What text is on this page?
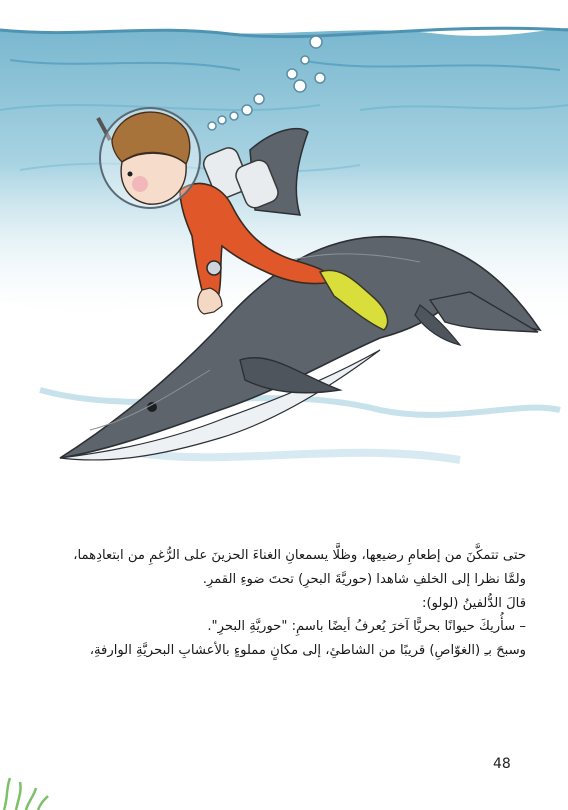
حتى تتمكَّنَ من إطعامِ رضيعِها، وظلَّا يسمعانِ الغناءَ الحزينَ على الرُّغمِ من ابتعادِهما،

ولمَّا نظرا إلى الخلفِ شاهدا (حوريَّةَ البحرِ) تحتَ ضوءِ القمرِ.

قالَ الدُّلفينُ (لولو):

– سأُريكَ حيوانًا بحريًّا آخرَ يُعرفُ أيضًا باسمِ: "حوريَّةِ البحرِ".

وسبحَ بـِ (الغوّاصِ) قريبًا من الشاطئِ، إلى مكانٍ مملوءٍ بالأعشابِ البحريَّةِ الوارفةِ،

48
